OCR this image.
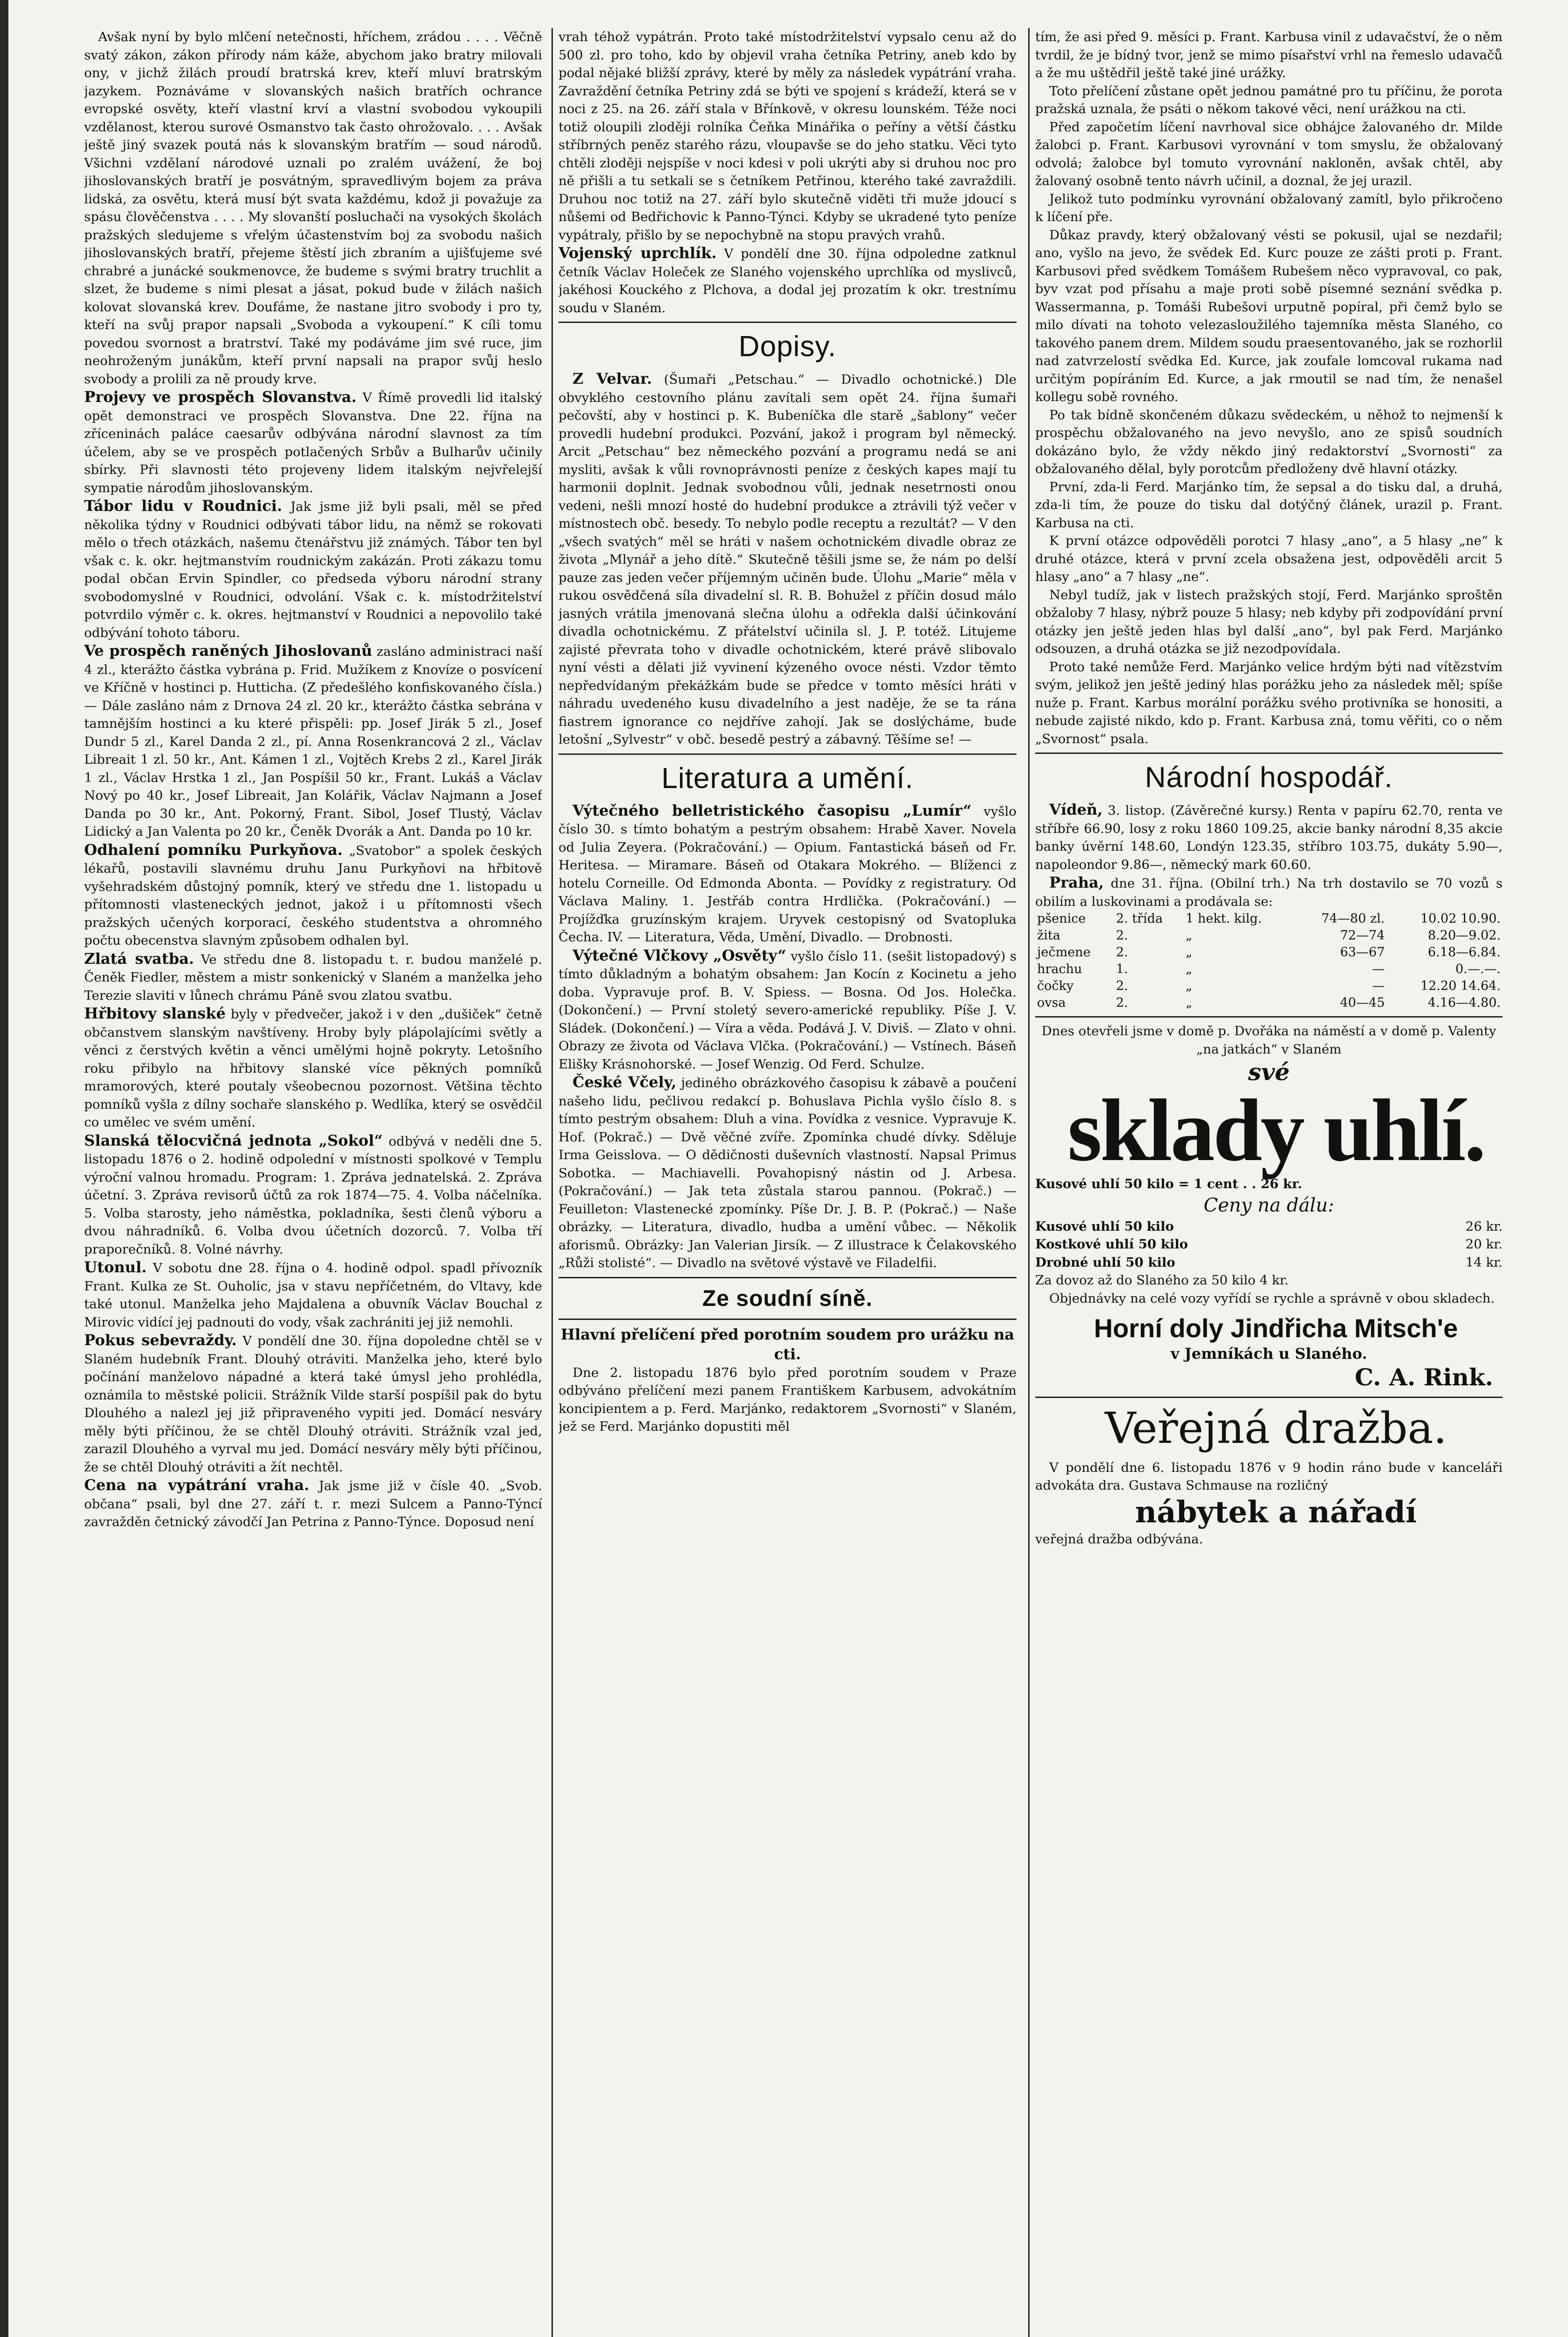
Avšak nyní by bylo mlčení netečnosti, hříchem, zrádou . . . . Věčně svatý zákon, zákon přírody nám káže, abychom jako bratry milovali ony, v jichž žilách proudí bratrská krev, kteří mluví bratrským jazykem. Poznáváme v slovanských našich bratřích ochrance evropské osvěty, kteří vlastní krví a vlastní svobodou vykoupili vzdělanost, kterou surové Osmanstvo tak často ohrožovalo. . . . Avšak ještě jiný svazek poutá nás k slovanským bratřím — soud národů. Všichni vzdělaní národové uznali po zralém uvážení, že boj jihoslovanských bratří je posvátným, spravedlivým bojem za práva lidská, za osvětu, která musí být svata každému, kdož ji považuje za spásu člověčenstva . . . . My slovanští posluchači na vysokých školách pražských sledujeme s vřelým účastenstvím boj za svobodu našich jihoslovanských bratří, přejeme štěstí jich zbraním a ujišťujeme své chrabré a junácké soukmenovce, že budeme s svými bratry truchlit a slzet, že budeme s nimi plesat a jásat, pokud bude v žilách našich kolovat slovanská krev. Doufáme, že nastane jitro svobody i pro ty, kteří na svůj prapor napsali „Svoboda a vykoupení.“ K cíli tomu povedou svornost a bratrství. Také my podáváme jim své ruce, jim neohroženým junákům, kteří první napsali na prapor svůj heslo svobody a prolili za ně proudy krve.

Projevy ve prospěch Slovanstva. V Římě provedli lid italský opět demonstraci ve prospěch Slovanstva. Dne 22. října na zříceninách paláce caesarův odbývána národní slavnost za tím účelem, aby se ve prospěch potlačených Srbův a Bulharův učinily sbírky. Při slavnosti této projeveny lidem italským nejvřelejší sympatie národům jihoslovanským.

Tábor lidu v Roudnici. Jak jsme již byli psali, měl se před několika týdny v Roudnici odbývati tábor lidu, na němž se rokovati mělo o třech otázkách, našemu čtenářstvu již známých. Tábor ten byl však c. k. okr. hejtmanstvím roudnickým zakázán. Proti zákazu tomu podal občan Ervin Spindler, co předseda výboru národní strany svobodomyslné v Roudnici, odvolání. Však c. k. místodržitelství potvrdilo výměr c. k. okres. hejtmanství v Roudnici a nepovolilo také odbývání tohoto táboru.

Ve prospěch raněných Jihoslovanů zasláno administraci naší 4 zl., kterážto částka vybrána p. Frid. Mužíkem z Knovíze o posvícení ve Kříčně v hostinci p. Hutticha. (Z předešlého konfiskovaného čísla.) — Dále zasláno nám z Drnova 24 zl. 20 kr., kterážto částka sebrána v tamnějším hostinci a ku které přispěli: pp. Josef Jirák 5 zl., Josef Dundr 5 zl., Karel Danda 2 zl., pí. Anna Rosenkrancová 2 zl., Václav Libreait 1 zl. 50 kr., Ant. Kámen 1 zl., Vojtěch Krebs 2 zl., Karel Jirák 1 zl., Václav Hrstka 1 zl., Jan Pospíšil 50 kr., Frant. Lukáš a Václav Nový po 40 kr., Josef Libreait, Jan Kolářik, Václav Najmann a Josef Danda po 30 kr., Ant. Pokorný, Frant. Sibol, Josef Tlustý, Václav Lidický a Jan Valenta po 20 kr., Čeněk Dvorák a Ant. Danda po 10 kr.

Odhalení pomníku Purkyňova. „Svatobor“ a spolek českých lékařů, postavili slavnému druhu Janu Purkyňovi na hřbitově vyšehradském důstojný pomník, který ve středu dne 1. listopadu u přítomnosti vlasteneckých jednot, jakož i u přítomnosti všech pražských učených korporací, českého studentstva a ohromného počtu obecenstva slavným způsobem odhalen byl.

Zlatá svatba. Ve středu dne 8. listopadu t. r. budou manželé p. Čeněk Fiedler, městem a mistr sonkenický v Slaném a manželka jeho Terezie slaviti v lůnech chrámu Páně svou zlatou svatbu.

Hřbitovy slanské byly v předvečer, jakož i v den „dušiček“ četně občanstvem slanským navštíveny. Hroby byly plápolajícími světly a věnci z čerstvých květin a věnci umělými hojně pokryty. Letošního roku přibylo na hřbitovy slanské více pěkných pomníků mramorových, které poutaly všeobecnou pozornost. Většina těchto pomníků vyšla z dílny sochaře slanského p. Wedlíka, který se osvědčil co umělec ve svém umění.

Slanská tělocvičná jednota „Sokol“ odbývá v neděli dne 5. listopadu 1876 o 2. hodině odpolední v místnosti spolkové v Templu výroční valnou hromadu. Program: 1. Zpráva jednatelská. 2. Zpráva účetní. 3. Zpráva revisorů účtů za rok 1874—75. 4. Volba náčelníka. 5. Volba starosty, jeho náměstka, pokladníka, šesti členů výboru a dvou náhradníků. 6. Volba dvou účetních dozorců. 7. Volba tří praporečníků. 8. Volné návrhy.

Utonul. V sobotu dne 28. října o 4. hodině odpol. spadl přívozník Frant. Kulka ze St. Ouholic, jsa v stavu nepříčetném, do Vltavy, kde také utonul. Manželka jeho Majdalena a obuvník Václav Bouchal z Mirovic vidící jej padnouti do vody, však zachrániti jej již nemohli.

Pokus sebevraždy. V pondělí dne 30. října dopoledne chtěl se v Slaném hudebník Frant. Dlouhý otráviti. Manželka jeho, které bylo počínání manželovo nápadné a která také úmysl jeho prohlédla, oznámila to městské policii. Strážník Vilde starší pospíšil pak do bytu Dlouhého a nalezl jej již připraveného vypiti jed. Domácí nesváry měly býti příčinou, že se chtěl Dlouhý otráviti. Strážník vzal jed, zarazil Dlouhého a vyrval mu jed. Domácí nesváry měly býti příčinou, že se chtěl Dlouhý otráviti a žít nechtěl.

Cena na vypátrání vraha. Jak jsme již v čísle 40. „Svob. občana“ psali, byl dne 27. září t. r. mezi Sulcem a Panno-Týncí zavražděn četnický závodčí Jan Petrina z Panno-Týnce. Doposud není

vrah téhož vypátrán. Proto také místodržitelství vypsalo cenu až do 500 zl. pro toho, kdo by objevil vraha četníka Petriny, aneb kdo by podal nějaké bližší zprávy, které by měly za následek vypátrání vraha. Zavraždění četníka Petriny zdá se býti ve spojení s krádeží, která se v noci z 25. na 26. září stala v Břínkově, v okresu lounském. Téže noci totiž oloupili zloději rolníka Čeňka Minářika o peříny a větší částku stříbrných peněz starého rázu, vloupavše se do jeho statku. Věci tyto chtěli zloději nejspíše v noci kdesi v poli ukrýti aby si druhou noc pro ně přišli a tu setkali se s četníkem Petřinou, kterého také zavraždili. Druhou noc totiž na 27. září bylo skutečně viděti tři muže jdoucí s nůšemi od Bedřichovic k Panno-Týnci. Kdyby se ukradené tyto peníze vypátraly, přišlo by se nepochybně na stopu pravých vrahů.

Vojenský uprchlík. V pondělí dne 30. října odpoledne zatknul četník Václav Holeček ze Slaného vojenského uprchlíka od myslivců, jakéhosi Kouckého z Plchova, a dodal jej prozatím k okr. trestnímu soudu v Slaném.

Dopisy.

Z Velvar. (Šumaři „Petschau.“ — Divadlo ochotnické.) Dle obvyklého cestovního plánu zavítali sem opět 24. října šumaři pečovští, aby v hostinci p. K. Bubeníčka dle starě „šablony“ večer provedli hudební produkci. Pozvání, jakož i program byl německý. Arcit „Petschau“ bez německého pozvání a programu nedá se ani mysliti, avšak k vůli rovnoprávnosti peníze z českých kapes mají tu harmonii doplnit. Jednak svobodnou vůli, jednak nesetrnosti onou vedeni, nešli mnozí hosté do hudební produkce a ztrávili týž večer v místnostech obč. besedy. To nebylo podle receptu a rezultát? — V den „všech svatých“ měl se hráti v našem ochotnickém divadle obraz ze života „Mlynář a jeho dítě.“ Skutečně těšili jsme se, že nám po delší pauze zas jeden večer příjemným učiněn bude. Úlohu „Marie“ měla v rukou osvědčená síla divadelní sl. R. B. Bohužel z příčin dosud málo jasných vrátila jmenovaná slečna úlohu a odřekla další účinkování divadla ochotnickému. Z přátelství učinila sl. J. P. totéž. Litujeme zajisté převrata toho v divadle ochotnickém, které právě slibovalo nyní vésti a dělati již vyvinení kýzeného ovoce nésti. Vzdor těmto nepředvídaným překážkám bude se předce v tomto měsíci hráti v náhradu uvedeného kusu divadelního a jest naděje, že se ta rána fiastrem ignorance co nejdříve zahojí. Jak se doslýcháme, bude letošní „Sylvestr“ v obč. besedě pestrý a zábavný. Těšíme se! —

Literatura a umění.

Výtečného belletristického časopisu „Lumír“ vyšlo číslo 30. s tímto bohatým a pestrým obsahem: Hrabě Xaver. Novela od Julia Zeyera. (Pokračování.) — Opium. Fantastická báseň od Fr. Heritesa. — Miramare. Báseň od Otakara Mokrého. — Blíženci z hotelu Corneille. Od Edmonda Abonta. — Povídky z registratury. Od Václava Maliny. 1. Jestřáb contra Hrdlička. (Pokračování.) — Projížďka gruzínským krajem. Uryvek cestopisný od Svatopluka Čecha. IV. — Literatura, Věda, Umění, Divadlo. — Drobnosti.

Výtečné Vlčkovy „Osvěty“ vyšlo číslo 11. (sešit listopadový) s tímto důkladným a bohatým obsahem: Jan Kocín z Kocinetu a jeho doba. Vypravuje prof. B. V. Spiess. — Bosna. Od Jos. Holečka. (Dokončení.) — První stoletý severo-americké republiky. Píše J. V. Sládek. (Dokončení.) — Víra a věda. Podává J. V. Diviš. — Zlato v ohni. Obrazy ze života od Václava Vlčka. (Pokračování.) — Vstínech. Báseň Elišky Krásnohorské. — Josef Wenzig. Od Ferd. Schulze.

České Včely, jediného obrázkového časopisu k zábavě a poučení našeho lidu, pečlivou redakcí p. Bohuslava Pichla vyšlo číslo 8. s tímto pestrým obsahem: Dluh a vina. Povídka z vesnice. Vypravuje K. Hof. (Pokrač.) — Dvě věčné zvíře. Zpomínka chudé dívky. Sděluje Irma Geisslova. — O dědičnosti duševních vlastností. Napsal Primus Sobotka. — Machiavelli. Povahopisný nástin od J. Arbesa. (Pokračování.) — Jak teta zůstala starou pannou. (Pokrač.) — Feuilleton: Vlastenecké zpomínky. Píše Dr. J. B. P. (Pokrač.) — Naše obrázky. — Literatura, divadlo, hudba a umění vůbec. — Několik aforismů. Obrázky: Jan Valerian Jirsík. — Z illustrace k Čelakovského „Růži stolisté“. — Divadlo na světové výstavě ve Filadelfii.

Ze soudní síně.

Hlavní přelíčení před porotním soudem pro urážku na cti.

Dne 2. listopadu 1876 bylo před porotním soudem v Praze odbýváno přelíčení mezi panem Františkem Karbusem, advokátním koncipientem a p. Ferd. Marjánko, redaktorem „Svornosti“ v Slaném, jež se Ferd. Marjánko dopustiti měl

tím, že asi před 9. měsíci p. Frant. Karbusa vinil z udavačství, že o něm tvrdil, že je bídný tvor, jenž se mimo písařství vrhl na řemeslo udavačů a že mu uštědřil ještě také jiné urážky.

Toto přelíčení zůstane opět jednou památné pro tu příčinu, že porota pražská uznala, že psáti o někom takové věci, není urážkou na cti.

Před započetím líčení navrhoval sice obhájce žalovaného dr. Milde žalobci p. Frant. Karbusovi vyrovnání v tom smyslu, že obžalovaný odvolá; žalobce byl tomuto vyrovnání nakloněn, avšak chtěl, aby žalovaný osobně tento návrh učinil, a doznal, že jej urazil.

Jelikož tuto podmínku vyrovnání obžalovaný zamítl, bylo přikročeno k líčení pře.

Důkaz pravdy, který obžalovaný vésti se pokusil, ujal se nezdařil; ano, vyšlo na jevo, že svědek Ed. Kurc pouze ze zášti proti p. Frant. Karbusovi před svědkem Tomášem Rubešem něco vypravoval, co pak, byv vzat pod přísahu a maje proti sobě písemné seznání svědka p. Wassermanna, p. Tomáši Rubešovi urputně popíral, při čemž bylo se milo dívati na tohoto velezasloužilého tajemníka města Slaného, co takového panem drem. Mildem soudu praesentovaného, jak se rozhorlil nad zatvrzelostí svědka Ed. Kurce, jak zoufale lomcoval rukama nad určitým popíráním Ed. Kurce, a jak rmoutil se nad tím, že nenašel kollegu sobě rovného.

Po tak bídně skončeném důkazu svědeckém, u něhož to nejmenší k prospěchu obžalovaného na jevo nevyšlo, ano ze spisů soudních dokázáno bylo, že vždy někdo jiný redaktorství „Svornosti“ za obžalovaného dělal, byly porotcům předloženy dvě hlavní otázky.

První, zda-li Ferd. Marjánko tím, že sepsal a do tisku dal, a druhá, zda-li tím, že pouze do tisku dal dotýčný článek, urazil p. Frant. Karbusa na cti.

K první otázce odpověděli porotci 7 hlasy „ano“, a 5 hlasy „ne“ k druhé otázce, která v první zcela obsažena jest, odpověděli arcit 5 hlasy „ano“ a 7 hlasy „ne“.

Nebyl tudíž, jak v listech pražských stojí, Ferd. Marjánko sproštěn obžaloby 7 hlasy, nýbrž pouze 5 hlasy; neb kdyby při zodpovídání první otázky jen ještě jeden hlas byl další „ano“, byl pak Ferd. Marjánko odsouzen, a druhá otázka se již nezodpovídala.

Proto také nemůže Ferd. Marjánko velice hrdým býti nad vítězstvím svým, jelikož jen ještě jediný hlas porážku jeho za následek měl; spíše nuže p. Frant. Karbus morální porážku svého protivníka se honositi, a nebude zajisté nikdo, kdo p. Frant. Karbusa zná, tomu věřiti, co o něm „Svornost“ psala.

Národní hospodář.

Vídeň, 3. listop. (Závěrečné kursy.) Renta v papíru 62.70, renta ve stříbře 66.90, losy z roku 1860 109.25, akcie banky národní 8,35 akcie banky úvěrní 148.60, Londýn 123.35, stříbro 103.75, dukáty 5.90—, napoleondor 9.86—, německý mark 60.60.

Praha, dne 31. října. (Obilní trh.) Na trh dostavilo se 70 vozů s obilím a luskovinami a prodávala se:

pšenice	2. třída	1 hekt. kilg.	74—80 zl.	10.02 10.90.
žita	2.	„	72—74	8.20—9.02.
ječmene	2.	„	63—67	6.18—6.84.
hrachu	1.	„	—	0.—.—.
čočky	2.	„	—	12.20 14.64.
ovsa	2.	„	40—45	4.16—4.80.

Dnes otevřeli jsme v domě p. Dvořáka na náměstí a v domě p. Valenty „na jatkách“ v Slaném

své

sklady uhlí.

Kusové uhlí 50 kilo = 1 cent . . 26 kr.

Ceny na dálu:

Kusové uhlí 50 kilo	26 kr.
Kostkové uhlí 50 kilo	20 kr.
Drobné uhlí 50 kilo	14 kr.

Za dovoz až do Slaného za 50 kilo 4 kr.

Objednávky na celé vozy vyřídí se rychle a správně v obou skladech.

Horní doly Jindřicha Mitsch'e

v Jemníkách u Slaného.

C. A. Rink.

Veřejná dražba.

V pondělí dne 6. listopadu 1876 v 9 hodin ráno bude v kanceláři advokáta dra. Gustava Schmause na rozličný

nábytek a nářadí

veřejná dražba odbývána.
